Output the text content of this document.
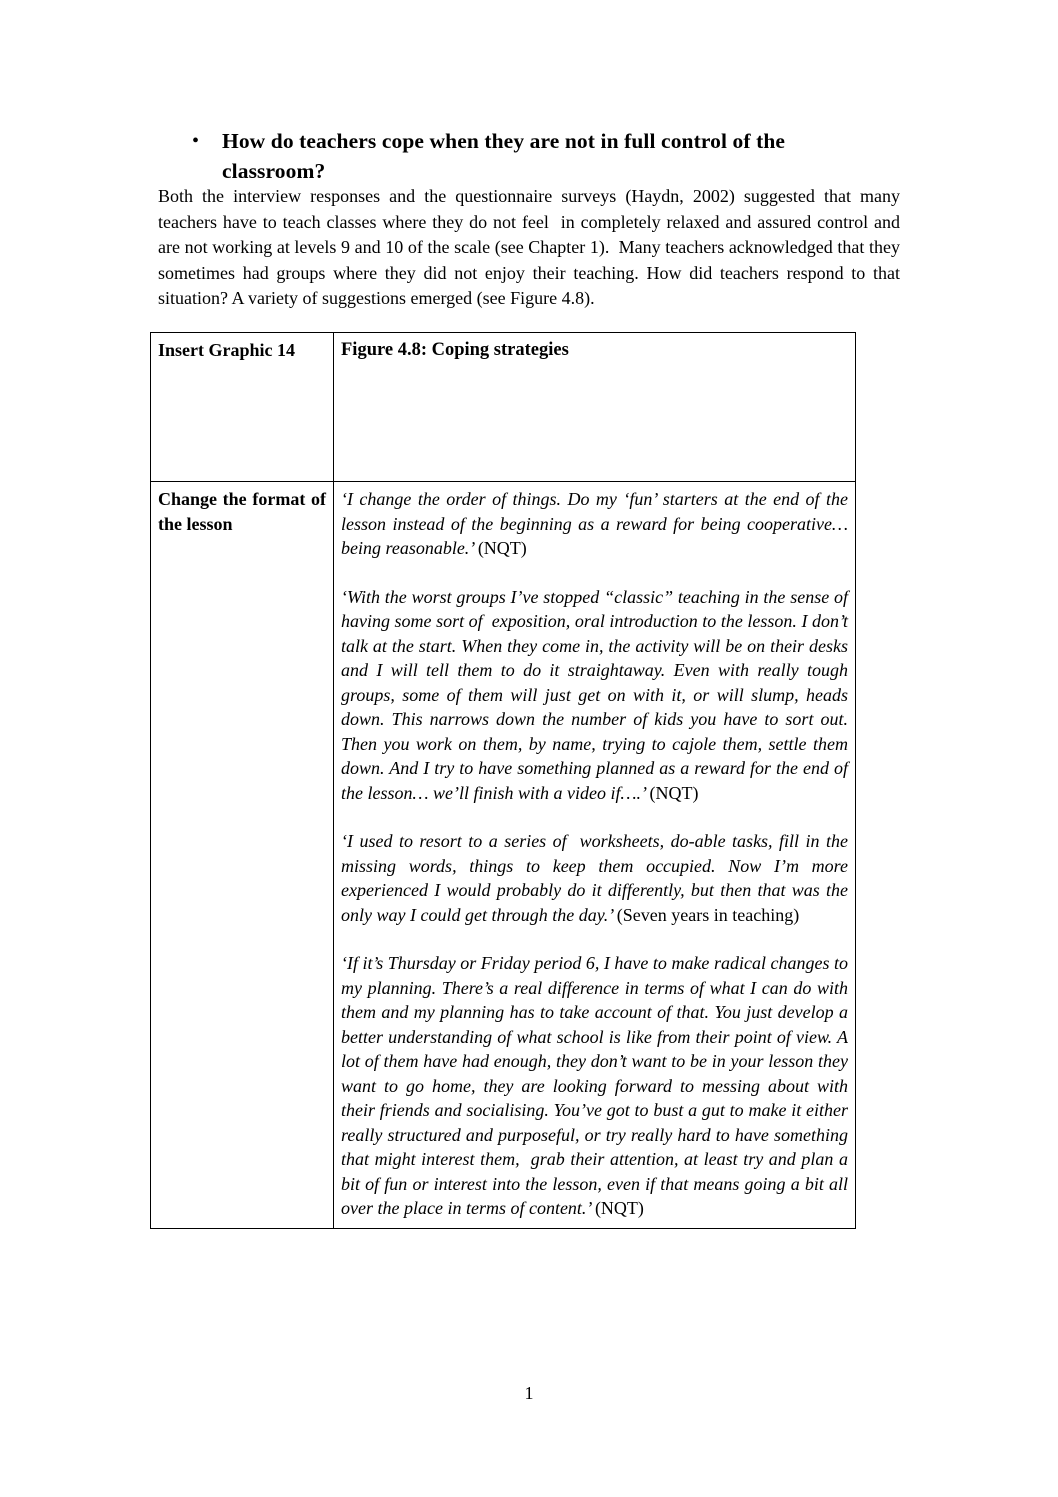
•	How do teachers cope when they are not in full control of the classroom?
Both the interview responses and the questionnaire surveys (Haydn, 2002) suggested that many teachers have to teach classes where they do not feel  in completely relaxed and assured control and are not working at levels 9 and 10 of the scale (see Chapter 1).  Many teachers acknowledged that they sometimes had groups where they did not enjoy their teaching. How did teachers respond to that situation? A variety of suggestions emerged (see Figure 4.8).
Insert Graphic 14	Figure 4.8: Coping strategies

Change the format of the lesson	‘I change the order of things. Do my ‘fun’ starters at the end of the lesson instead of the beginning as a reward for being cooperative… being reasonable.’ (NQT)

‘With the worst groups I’ve stopped “classic” teaching in the sense of having some sort of  exposition, oral introduction to the lesson. I don’t talk at the start. When they come in, the activity will be on their desks and I will tell them to do it straightaway. Even with really tough groups, some of them will just get on with it, or will slump, heads down. This narrows down the number of kids you have to sort out. Then you work on them, by name, trying to cajole them, settle them down. And I try to have something planned as a reward for the end of the lesson… we’ll finish with a video if….’ (NQT)

‘I used to resort to a series of  worksheets, do-able tasks, fill in the missing words, things to keep them occupied. Now I’m more experienced I would probably do it differently, but then that was the only way I could get through the day.’ (Seven years in teaching)

‘If it’s Thursday or Friday period 6, I have to make radical changes to my planning. There’s a real difference in terms of what I can do with them and my planning has to take account of that. You just develop a better understanding of what school is like from their point of view. A lot of them have had enough, they don’t want to be in your lesson they want to go home, they are looking forward to messing about with their friends and socialising. You’ve got to bust a gut to make it either really structured and purposeful, or try really hard to have something that might interest them,  grab their attention, at least try and plan a bit of fun or interest into the lesson, even if that means going a bit all over the place in terms of content.’ (NQT)

1
